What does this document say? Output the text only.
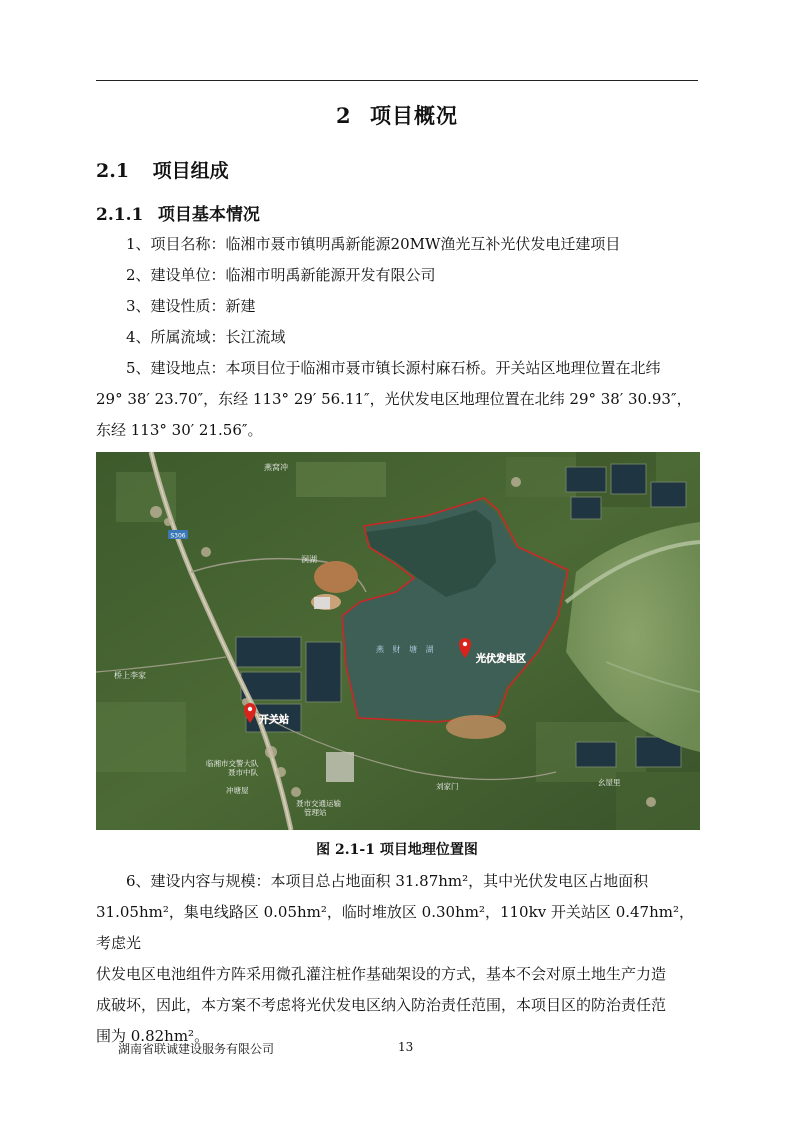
2 项目概况
2.1 项目组成
2.1.1 项目基本情况
1、项目名称：临湘市聂市镇明禹新能源20MW渔光互补光伏发电迁建项目
2、建设单位：临湘市明禹新能源开发有限公司
3、建设性质：新建
4、所属流域：长江流域
5、建设地点：本项目位于临湘市聂市镇长源村麻石桥。开关站区地理位置在北纬
29° 38′ 23.70″，东经 113° 29′ 56.11″，光伏发电区地理位置在北纬 29° 38′ 30.93″，
东经 113° 30′ 21.56″。
S306
燕窝冲
洞湖
桥上李家
临湘市交警大队
聂市中队
冲塘屋
聂市交通运输
管理站
刘家门	幺屋里
燕 财 塘 湖
光伏发电区
开关站
图 2.1-1 项目地理位置图
6、建设内容与规模：本项目总占地面积 31.87hm²，其中光伏发电区占地面积
31.05hm²，集电线路区 0.05hm²，临时堆放区 0.30hm²，110kv 开关站区 0.47hm²，考虑光
伏发电区电池组件方阵采用微孔灌注桩作基础架设的方式，基本不会对原土地生产力造
成破坏，因此，本方案不考虑将光伏发电区纳入防治责任范围，本项目区的防治责任范
围为 0.82hm²。
湖南省联诚建设服务有限公司	13
